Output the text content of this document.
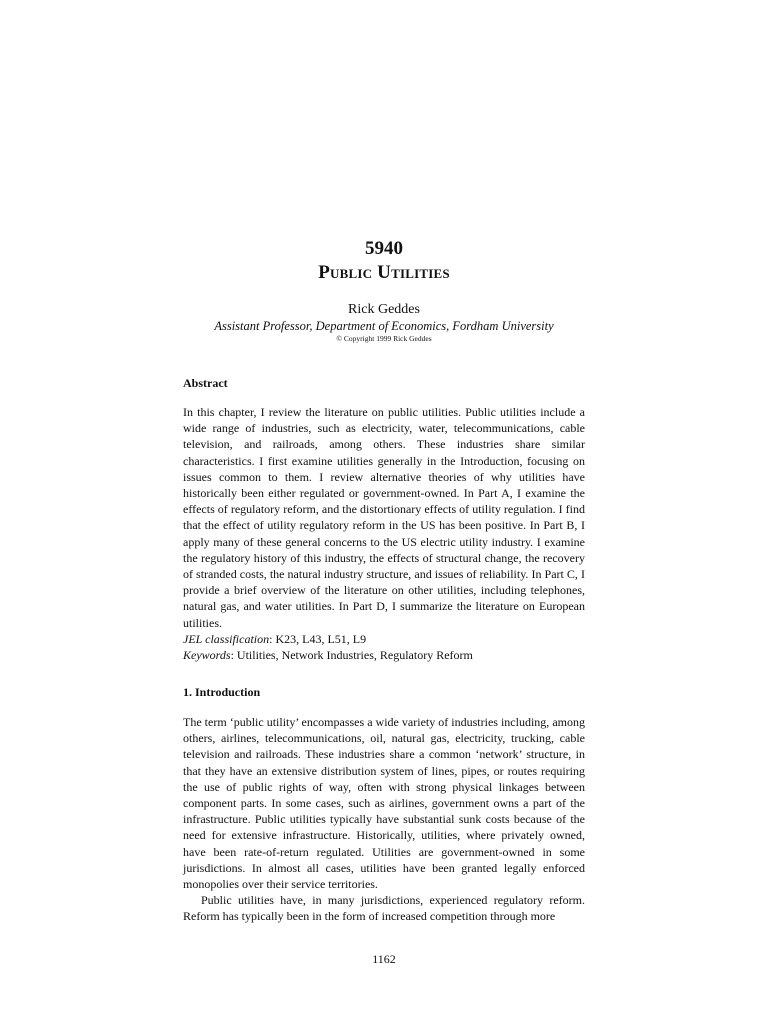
5940
Public Utilities
Rick Geddes
Assistant Professor, Department of Economics, Fordham University
© Copyright 1999 Rick Geddes
Abstract

In this chapter, I review the literature on public utilities. Public utilities include a wide range of industries, such as electricity, water, telecommunications, cable television, and railroads, among others. These industries share similar characteristics. I first examine utilities generally in the Introduction, focusing on issues common to them. I review alternative theories of why utilities have historically been either regulated or government-owned. In Part A, I examine the effects of regulatory reform, and the distortionary effects of utility regulation. I find that the effect of utility regulatory reform in the US has been positive. In Part B, I apply many of these general concerns to the US electric utility industry. I examine the regulatory history of this industry, the effects of structural change, the recovery of stranded costs, the natural industry structure, and issues of reliability. In Part C, I provide a brief overview of the literature on other utilities, including telephones, natural gas, and water utilities. In Part D, I summarize the literature on European utilities.

JEL classification: K23, L43, L51, L9

Keywords: Utilities, Network Industries, Regulatory Reform

1. Introduction

The term ‘public utility’ encompasses a wide variety of industries including, among others, airlines, telecommunications, oil, natural gas, electricity, trucking, cable television and railroads. These industries share a common ‘network’ structure, in that they have an extensive distribution system of lines, pipes, or routes requiring the use of public rights of way, often with strong physical linkages between component parts. In some cases, such as airlines, government owns a part of the infrastructure. Public utilities typically have substantial sunk costs because of the need for extensive infrastructure. Historically, utilities, where privately owned, have been rate-of-return regulated. Utilities are government-owned in some jurisdictions. In almost all cases, utilities have been granted legally enforced monopolies over their service territories.

Public utilities have, in many jurisdictions, experienced regulatory reform. Reform has typically been in the form of increased competition through more

1162
